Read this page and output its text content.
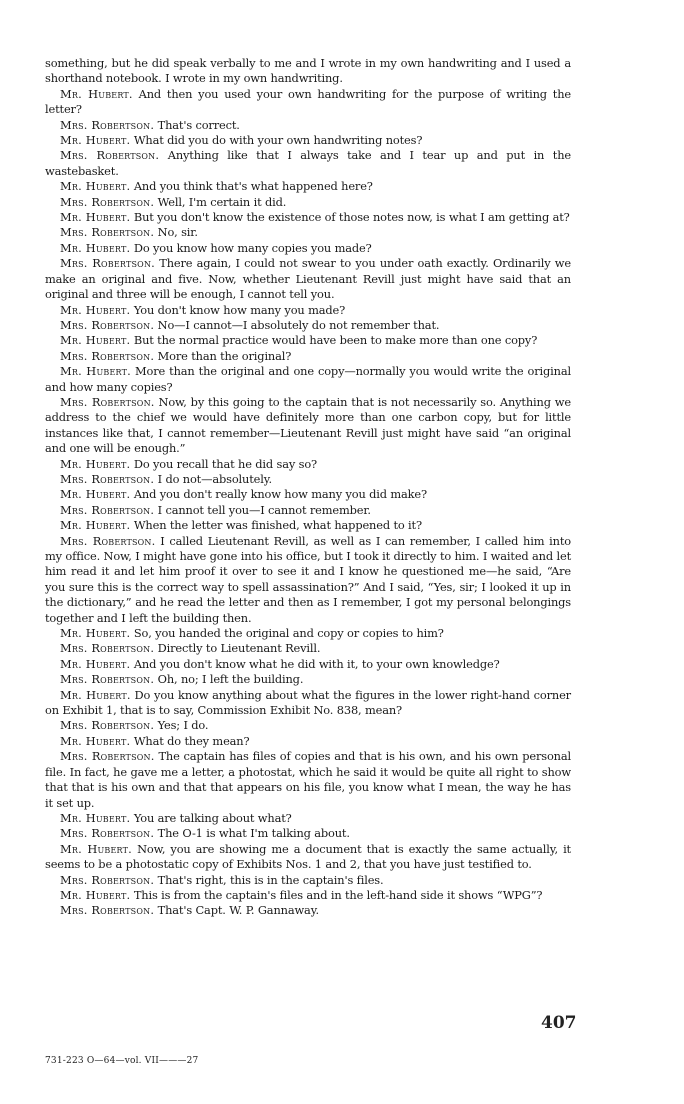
something, but he did speak verbally to me and I wrote in my own handwriting and I used a shorthand notebook. I wrote in my own handwriting.

Mr. Hubert. And then you used your own handwriting for the purpose of writing the letter?

Mrs. Robertson. That's correct.

Mr. Hubert. What did you do with your own handwriting notes?

Mrs. Robertson. Anything like that I always take and I tear up and put in the wastebasket.

Mr. Hubert. And you think that's what happened here?

Mrs. Robertson. Well, I'm certain it did.

Mr. Hubert. But you don't know the existence of those notes now, is what I am getting at?

Mrs. Robertson. No, sir.

Mr. Hubert. Do you know how many copies you made?

Mrs. Robertson. There again, I could not swear to you under oath exactly. Ordinarily we make an original and five. Now, whether Lieutenant Revill just might have said that an original and three will be enough, I cannot tell you.

Mr. Hubert. You don't know how many you made?

Mrs. Robertson. No—I cannot—I absolutely do not remember that.

Mr. Hubert. But the normal practice would have been to make more than one copy?

Mrs. Robertson. More than the original?

Mr. Hubert. More than the original and one copy—normally you would write the original and how many copies?

Mrs. Robertson. Now, by this going to the captain that is not necessarily so. Anything we address to the chief we would have definitely more than one carbon copy, but for little instances like that, I cannot remember—Lieutenant Revill just might have said “an original and one will be enough.”

Mr. Hubert. Do you recall that he did say so?

Mrs. Robertson. I do not—absolutely.

Mr. Hubert. And you don't really know how many you did make?

Mrs. Robertson. I cannot tell you—I cannot remember.

Mr. Hubert. When the letter was finished, what happened to it?

Mrs. Robertson. I called Lieutenant Revill, as well as I can remember, I called him into my office. Now, I might have gone into his office, but I took it directly to him. I waited and let him read it and let him proof it over to see it and I know he questioned me—he said, “Are you sure this is the correct way to spell assassination?” And I said, “Yes, sir; I looked it up in the dictionary,” and he read the letter and then as I remember, I got my personal belongings together and I left the building then.

Mr. Hubert. So, you handed the original and copy or copies to him?

Mrs. Robertson. Directly to Lieutenant Revill.

Mr. Hubert. And you don't know what he did with it, to your own knowledge?

Mrs. Robertson. Oh, no; I left the building.

Mr. Hubert. Do you know anything about what the figures in the lower right-hand corner on Exhibit 1, that is to say, Commission Exhibit No. 838, mean?

Mrs. Robertson. Yes; I do.

Mr. Hubert. What do they mean?

Mrs. Robertson. The captain has files of copies and that is his own, and his own personal file. In fact, he gave me a letter, a photostat, which he said it would be quite all right to show that that is his own and that that appears on his file, you know what I mean, the way he has it set up.

Mr. Hubert. You are talking about what?

Mrs. Robertson. The O-1 is what I'm talking about.

Mr. Hubert. Now, you are showing me a document that is exactly the same actually, it seems to be a photostatic copy of Exhibits Nos. 1 and 2, that you have just testified to.

Mrs. Robertson. That's right, this is in the captain's files.

Mr. Hubert. This is from the captain's files and in the left-hand side it shows “WPG”?

Mrs. Robertson. That's Capt. W. P. Gannaway.

407
731-223 O—64—vol. VII———27
